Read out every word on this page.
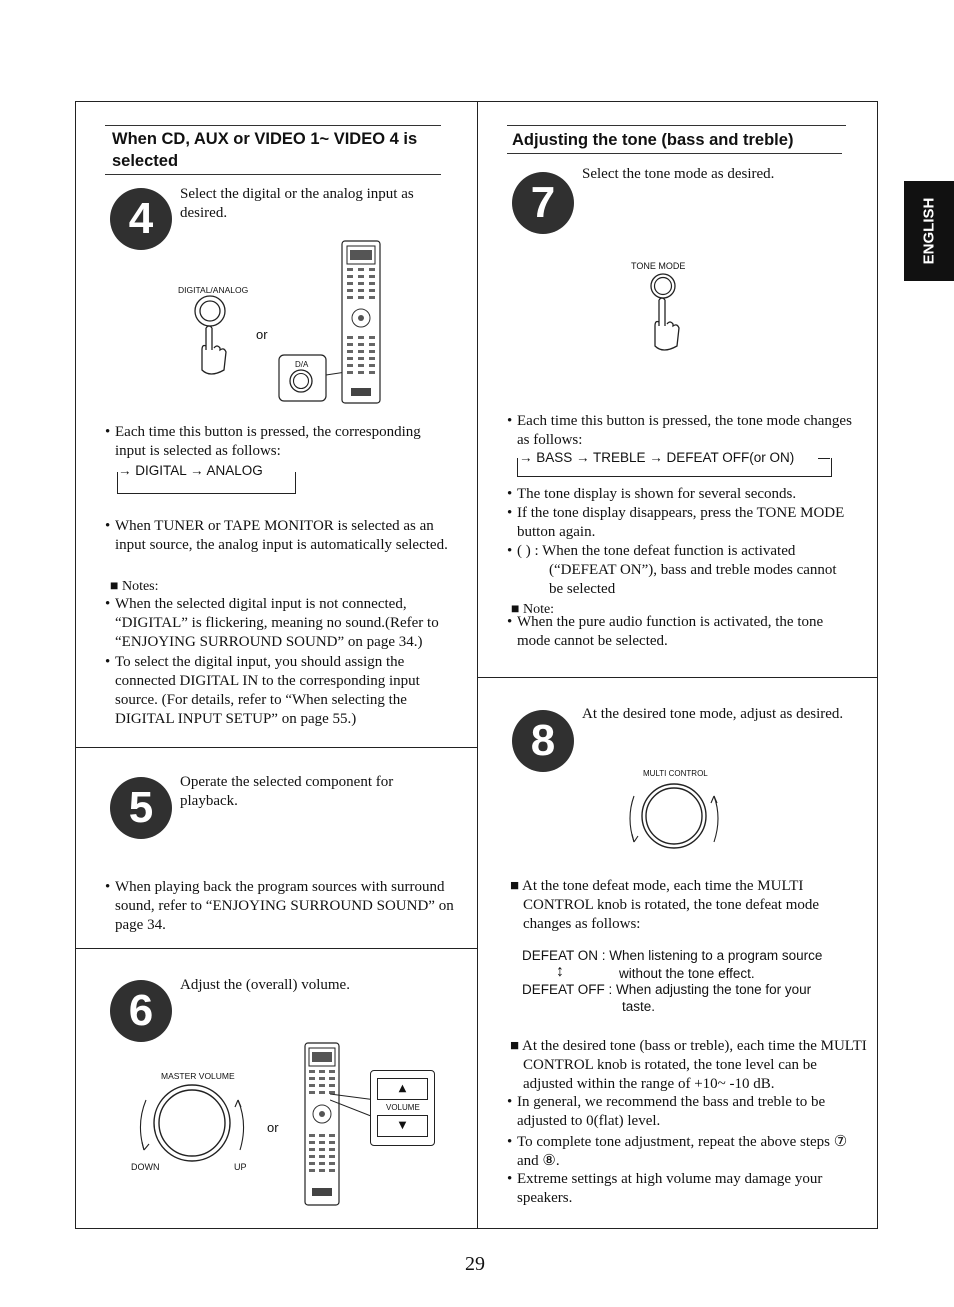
ENGLISH
When CD, AUX or VIDEO 1~ VIDEO 4 is selected
4	Select the digital or the analog input as desired.
DIGITAL/ANALOG
or
D/A
• Each time this button is pressed, the corresponding input is selected as follows:
→ DIGITAL → ANALOG
• When TUNER or TAPE MONITOR is selected as an input source, the analog input is automatically selected.
■ Notes:
• When the selected digital input is not connected, “DIGITAL” is flickering, meaning no sound.(Refer to “ENJOYING SURROUND SOUND” on page 34.)
• To select the digital input, you should assign the connected DIGITAL IN to the corresponding input source. (For details, refer to “When selecting the DIGITAL INPUT SETUP” on page 55.)
5
Operate the selected component for playback.
• When playing back the program sources with surround sound, refer to “ENJOYING SURROUND SOUND” on page 34.
6
Adjust the (overall) volume.
MASTER VOLUME
DOWN	UP
or
▲
VOLUME
▼
Adjusting the tone (bass and treble)
7
Select the tone mode as desired.
TONE MODE
• Each time this button is pressed, the tone mode changes as follows:
→ BASS → TREBLE → DEFEAT OFF(or ON)
• The tone display is shown for several seconds.
• If the tone display disappears, press the TONE MODE button again.
• ( ) : When the tone defeat function is activated (“DEFEAT ON”), bass and treble modes cannot be selected
■ Note:
• When the pure audio function is activated, the tone mode cannot be selected.
8
At the desired tone mode, adjust as desired.
MULTI CONTROL
■ At the tone defeat mode, each time the MULTI CONTROL knob is rotated, the tone defeat mode changes as follows:
DEFEAT ON : When listening to a program source
↕	without the tone effect.
DEFEAT OFF : When adjusting the tone for your
taste.
■ At the desired tone (bass or treble), each time the MULTI CONTROL knob is rotated, the tone level can be adjusted within the range of +10~ -10 dB.
• In general, we recommend the bass and treble to be adjusted to 0(flat) level.
• To complete tone adjustment, repeat the above steps ⑦ and ⑧.
• Extreme settings at high volume may damage your speakers.
29
